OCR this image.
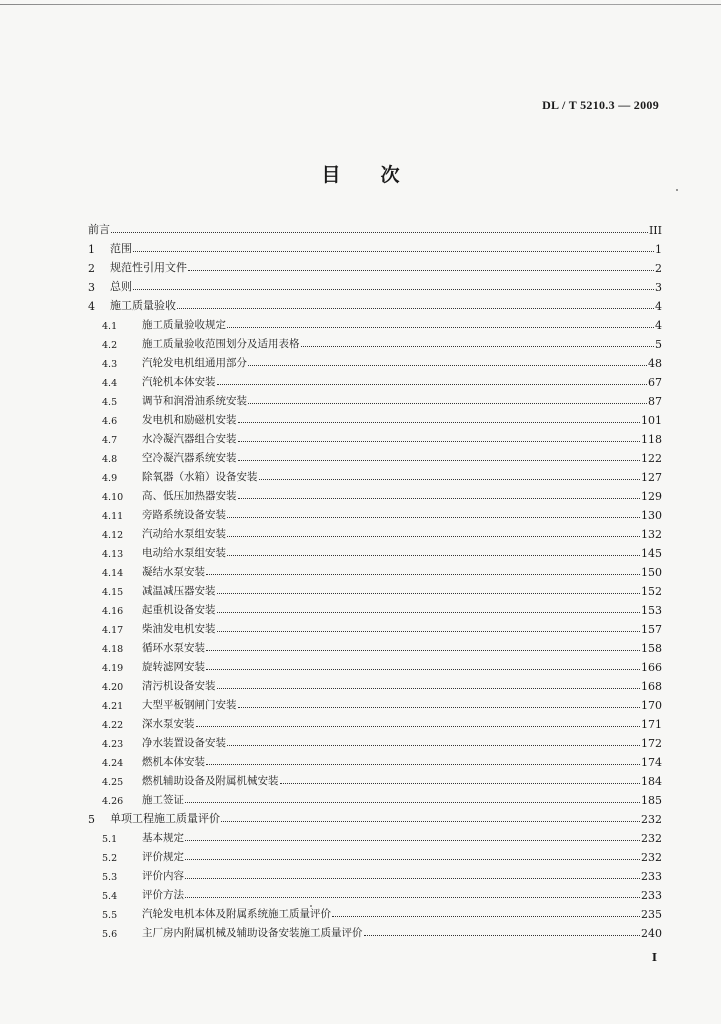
DL / T 5210.3 — 2009
目 次
前言	III
1	范围	1
2	规范性引用文件	2
3	总则	3
4	施工质量验收	4
4.1	施工质量验收规定	4
4.2	施工质量验收范围划分及适用表格	5
4.3	汽轮发电机组通用部分	48
4.4	汽轮机本体安装	67
4.5	调节和润滑油系统安装	87
4.6	发电机和励磁机安装	101
4.7	水冷凝汽器组合安装	118
4.8	空冷凝汽器系统安装	122
4.9	除氧器（水箱）设备安装	127
4.10	高、低压加热器安装	129
4.11	旁路系统设备安装	130
4.12	汽动给水泵组安装	132
4.13	电动给水泵组安装	145
4.14	凝结水泵安装	150
4.15	减温减压器安装	152
4.16	起重机设备安装	153
4.17	柴油发电机安装	157
4.18	循环水泵安装	158
4.19	旋转滤网安装	166
4.20	清污机设备安装	168
4.21	大型平板钢闸门安装	170
4.22	深水泵安装	171
4.23	净水装置设备安装	172
4.24	燃机本体安装	174
4.25	燃机辅助设备及附属机械安装	184
4.26	施工签证	185
5	单项工程施工质量评价	232
5.1	基本规定	232
5.2	评价规定	232
5.3	评价内容	233
5.4	评价方法	233
5.5	汽轮发电机本体及附属系统施工质量评价	235
5.6	主厂房内附属机械及辅助设备安装施工质量评价	240
I
